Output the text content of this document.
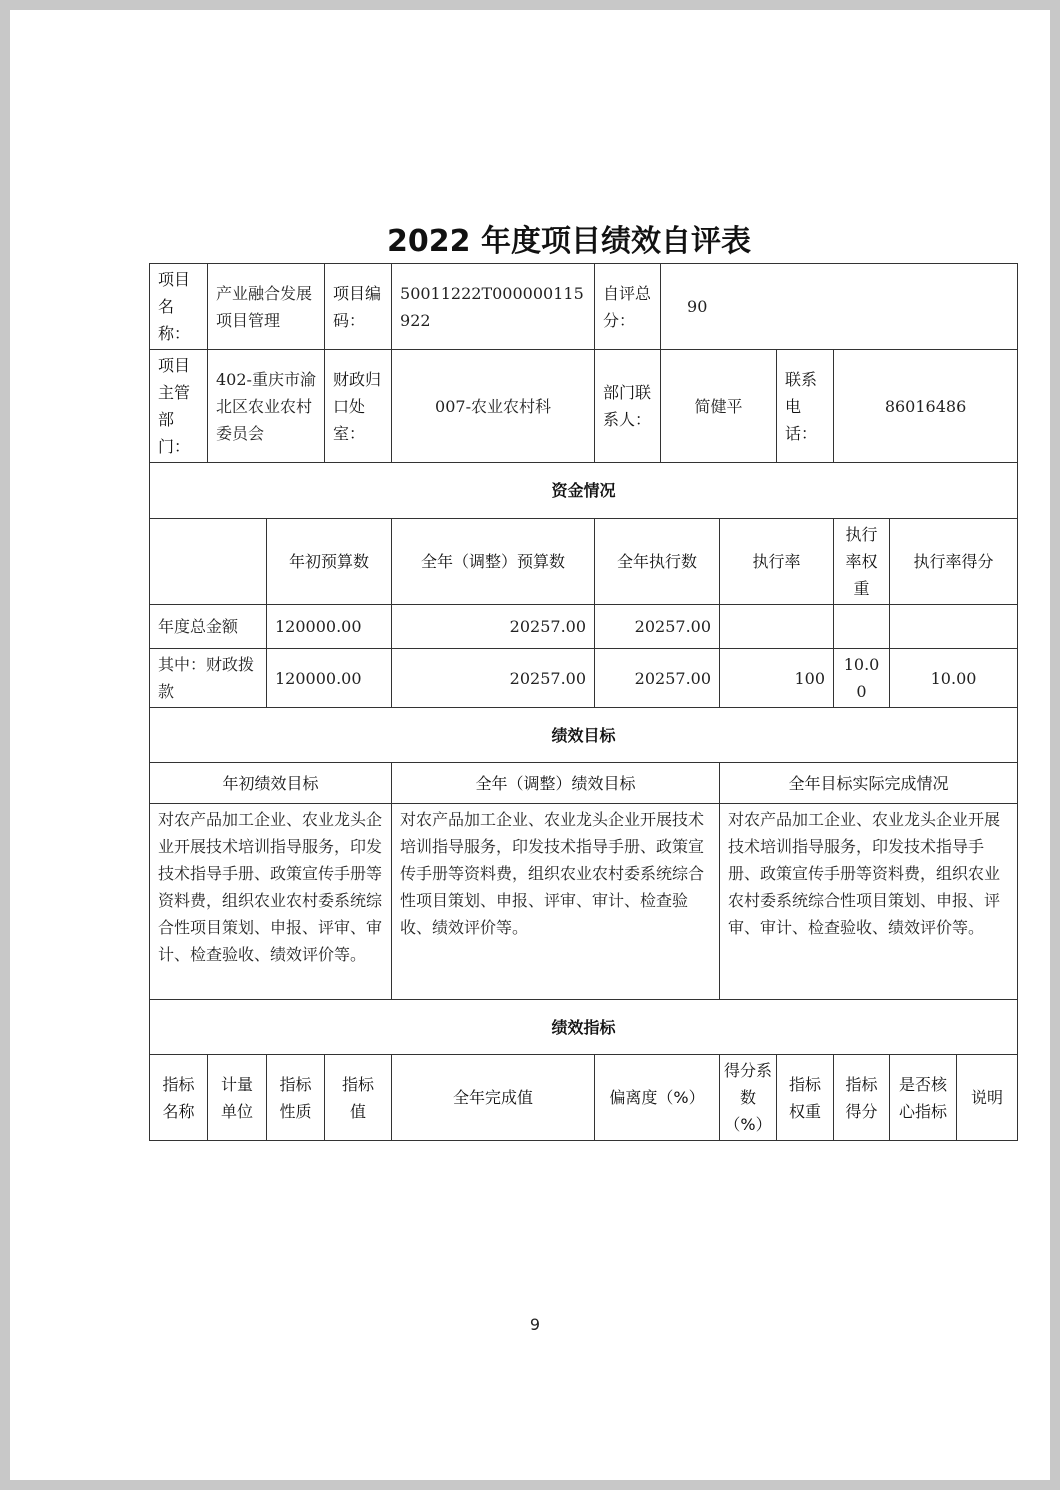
2022 年度项目绩效自评表
项目名称：	产业融合发展项目管理		项目编码：	50011222T000000115922	自评总分：	90					
项目主管部门：	402-重庆市渝北区农业农村委员会		财政归口处室：	007-农业农村科	部门联系人：	简健平		联系电话：	86016486		
资金情况											
		年初预算数		全年（调整）预算数	全年执行数		执行率		执行率权重	执行率得分	
年度总金额		120000.00		20257.00	20257.00						
其中：财政拨款		120000.00		20257.00	20257.00		100		10.00	10.00	
绩效目标											
年初绩效目标				全年（调整）绩效目标			全年目标实际完成情况				
对农产品加工企业、农业龙头企业开展技术培训指导服务，印发技术指导手册、政策宣传手册等资料费，组织农业农村委系统综合性项目策划、申报、评审、审计、检查验收、绩效评价等。				对农产品加工企业、农业龙头企业开展技术培训指导服务，印发技术指导手册、政策宣传手册等资料费，组织农业农村委系统综合性项目策划、申报、评审、审计、检查验收、绩效评价等。			对农产品加工企业、农业龙头企业开展技术培训指导服务，印发技术指导手册、政策宣传手册等资料费，组织农业农村委系统综合性项目策划、申报、评审、审计、检查验收、绩效评价等。				
绩效指标											
指标名称	计量单位	指标性质	指标值	全年完成值	偏离度（%）		得分系数（%）	指标权重	指标得分	是否核心指标	说明
9
